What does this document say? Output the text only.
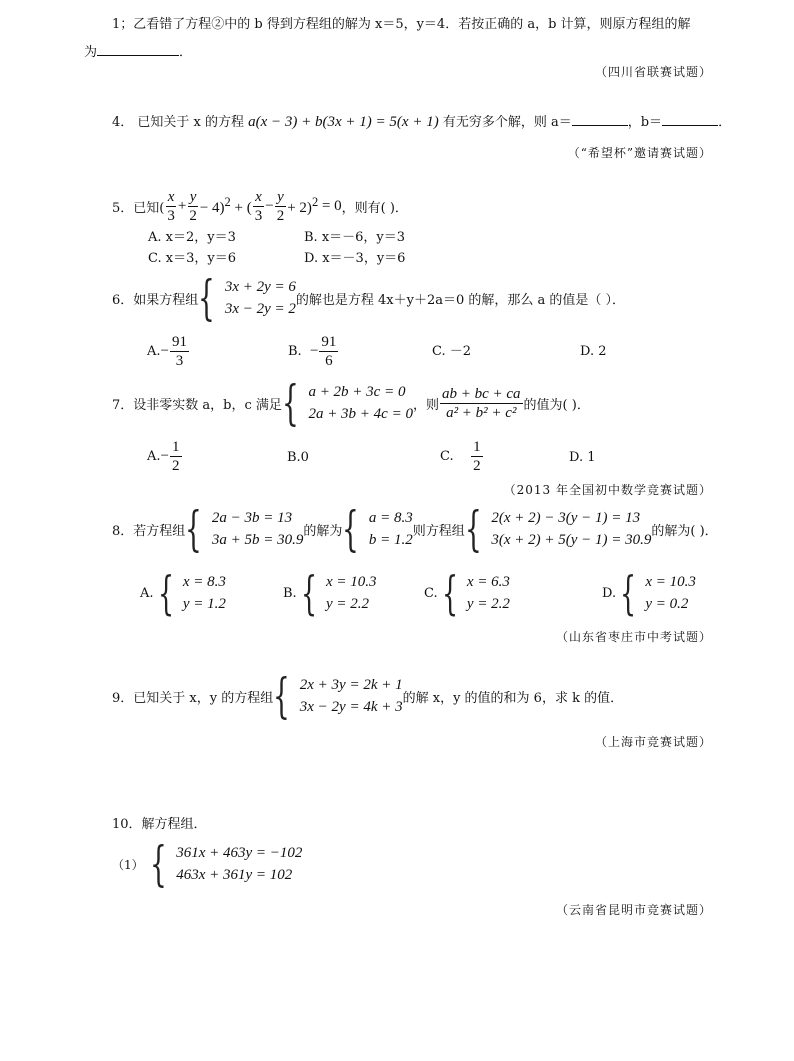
1；乙看错了方程②中的 b 得到方程组的解为 x＝5，y＝4．若按正确的 a，b 计算，则原方程组的解
为	．
（四川省联赛试题）
4． 已知关于 x 的方程 a(x − 3) + b(3x + 1) = 5(x + 1) 有无穷多个解，则 a＝	，b＝	．
（“希望杯”邀请赛试题）
5．已知( $\frac{x}{3} + \frac{y}{2} - 4)^2$ + ( $\frac{x}{3} - \frac{y}{2} + 2)^2 = 0$ ，则有( )．
A. x＝2，y＝3	B. x＝－6，y＝3
C. x＝3，y＝6	D. x＝－3，y＝6
6．如果方程组 { 3x + 2y = 6
3x − 2y = 2
的解也是方程 4x＋y＋2a＝0 的解，那么 a 的值是（ ）．
A. − $\frac{91}{3}$	B.
− $\frac{91}{6}$	C. －2	D. 2
7．设非零实数 a，b，c 满足 { a + 2b + 3c = 0
2a + 3b + 4c = 0
，则 $\frac{ab + bc + ca}{\text{a² + b² + c²}}$ 的值为( )．
A. − $\frac{1}{2}$	B.0	C.
$\frac{1}{2}$	D. 1
（2013 年全国初中数学竞赛试题）
8．若方程组 { 2a − 3b = 13
3a + 5b = 30.9
的解为 { a = 8.3
b = 1.2
则方程组 { 2(x + 2) − 3(y − 1) = 13
3(x + 2) + 5(y − 1) = 30.9
的解为( )．
A. { x = 8.3
y = 1.2
B. { x = 10.3
y = 2.2
C. { x = 6.3
y = 2.2
D. { x = 10.3
y = 0.2
（山东省枣庄市中考试题）
9．已知关于 x，y 的方程组 { 2x + 3y = 2k + 1
3x − 2y = 4k + 3
的解 x，y 的值的和为 6，求 k 的值．
（上海市竞赛试题）
10．解方程组．
（1） { 361x + 463y = −102
463x + 361y = 102
（云南省昆明市竞赛试题）
